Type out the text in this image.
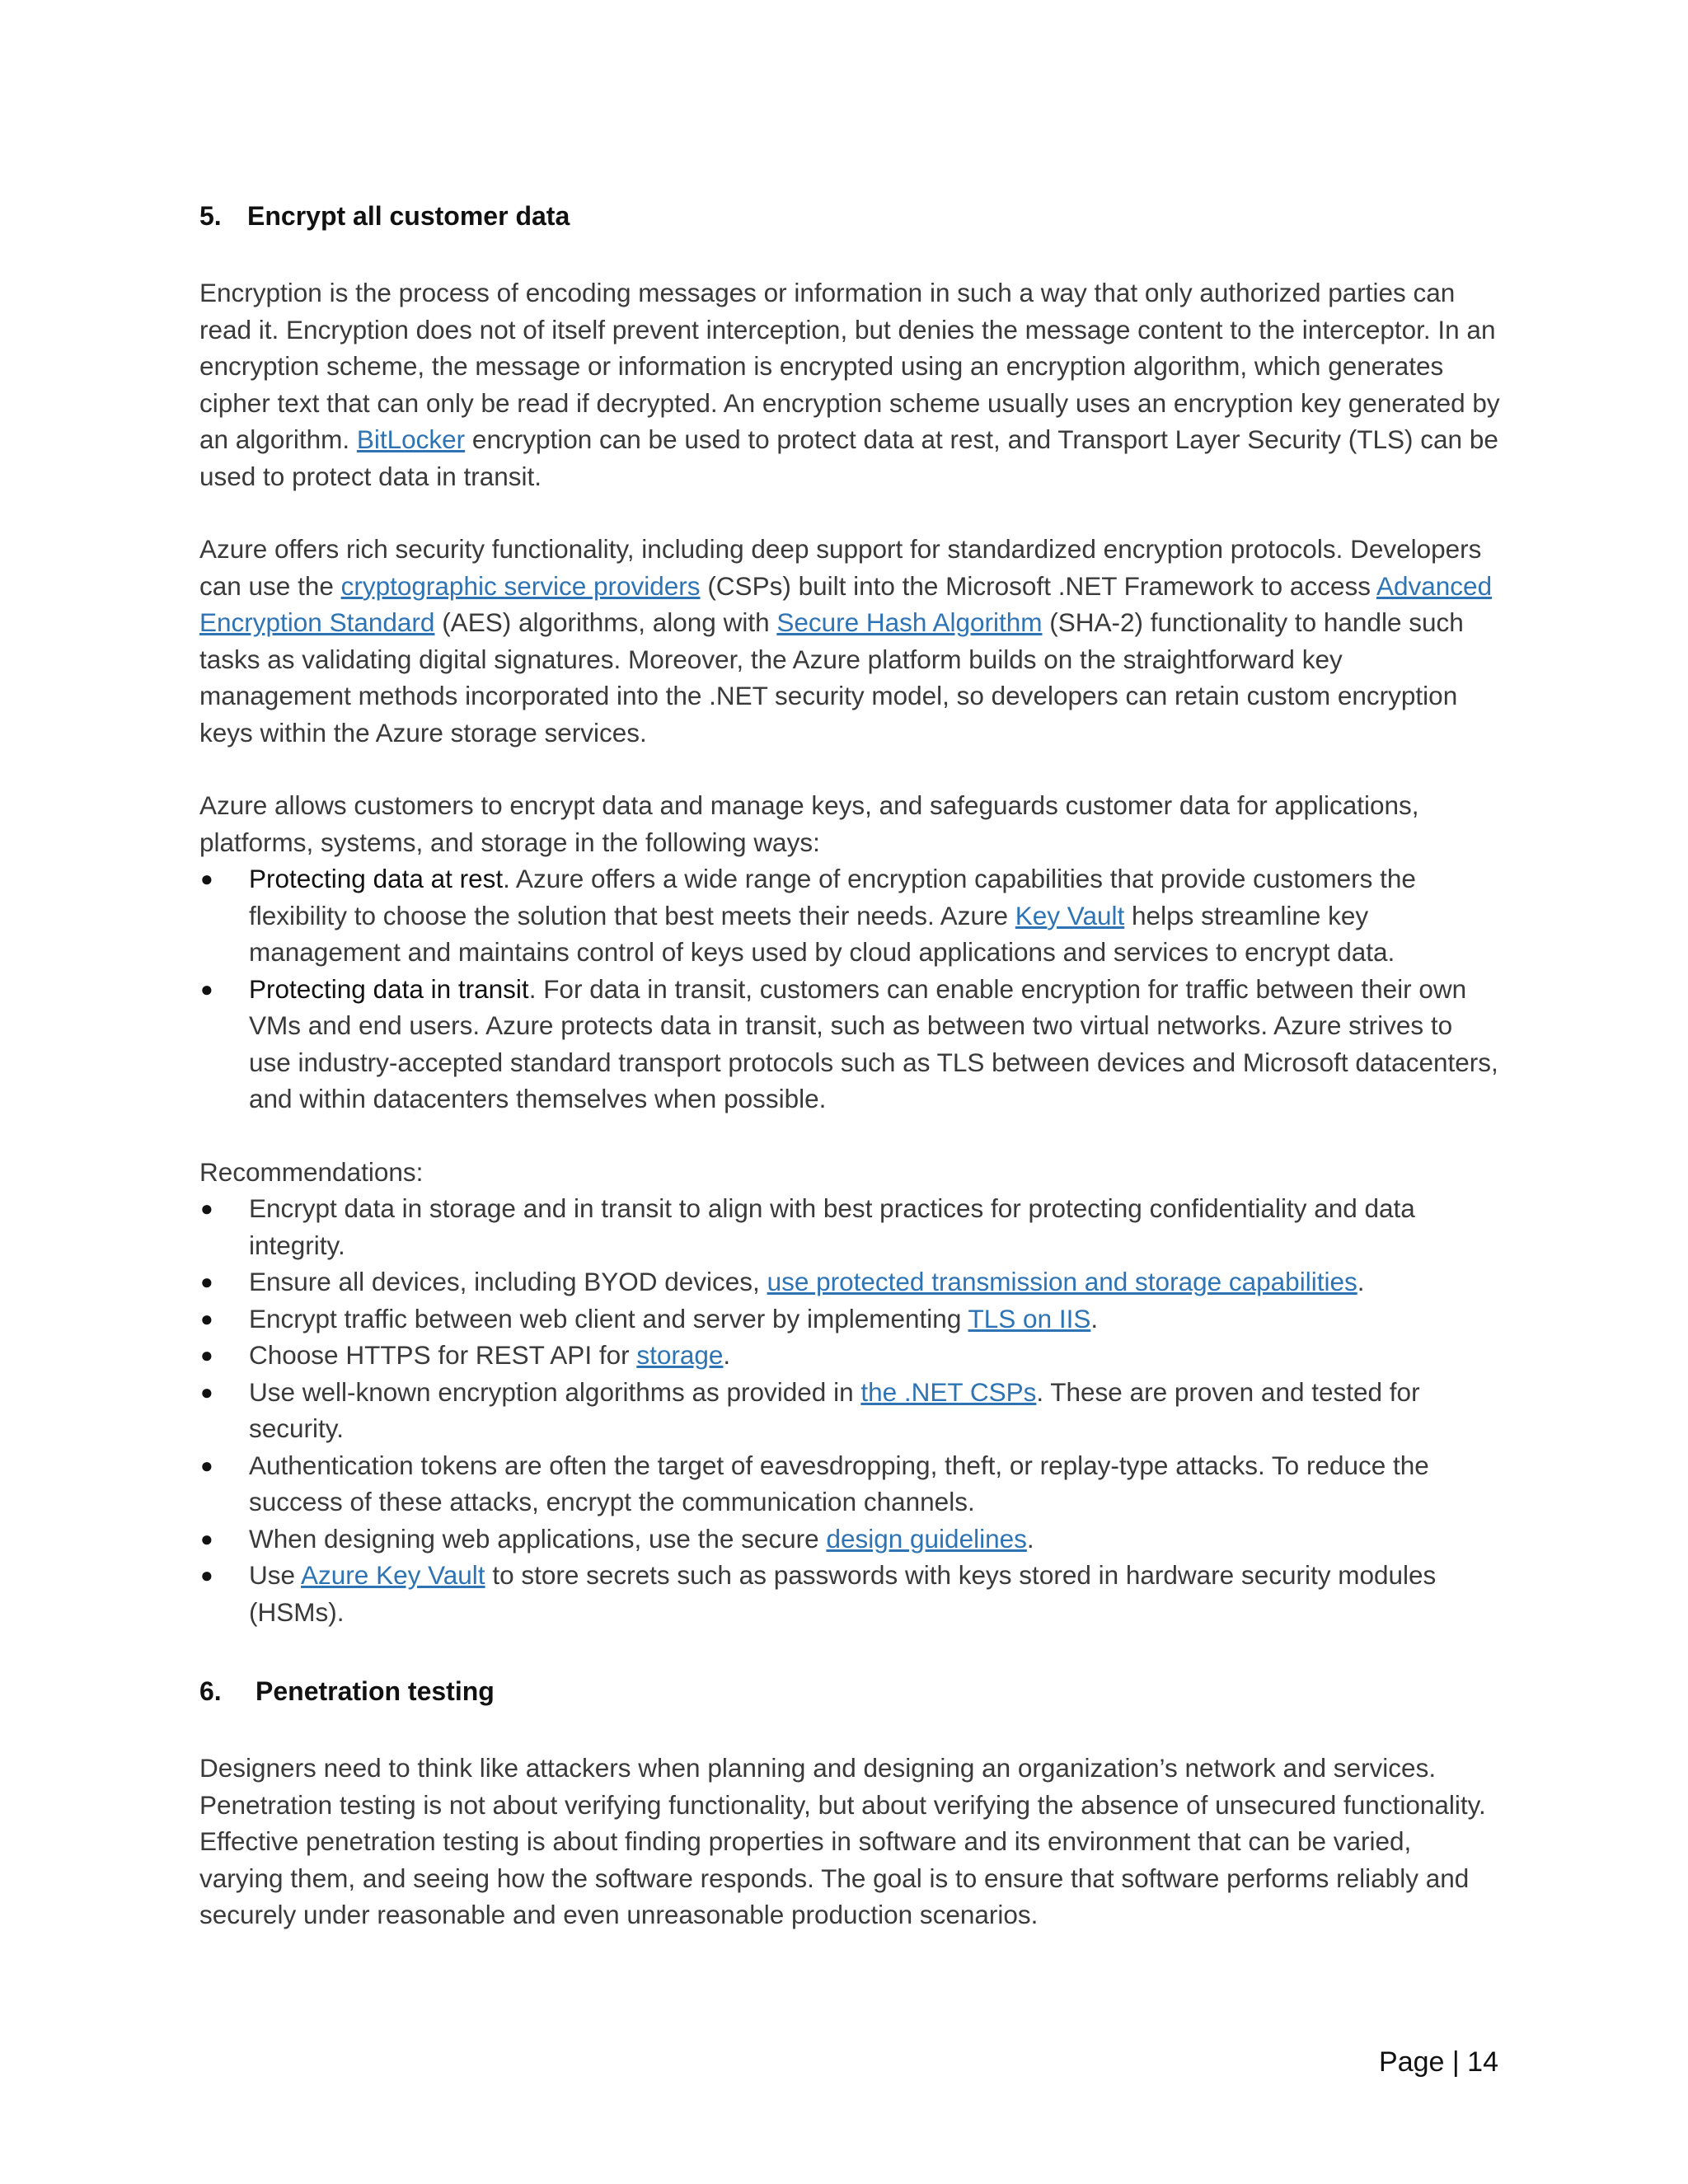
5. Encrypt all customer data

Encryption is the process of encoding messages or information in such a way that only authorized parties can read it. Encryption does not of itself prevent interception, but denies the message content to the interceptor. In an encryption scheme, the message or information is encrypted using an encryption algorithm, which generates cipher text that can only be read if decrypted. An encryption scheme usually uses an encryption key generated by an algorithm. BitLocker encryption can be used to protect data at rest, and Transport Layer Security (TLS) can be used to protect data in transit.

Azure offers rich security functionality, including deep support for standardized encryption protocols. Developers can use the cryptographic service providers (CSPs) built into the Microsoft .NET Framework to access Advanced Encryption Standard (AES) algorithms, along with Secure Hash Algorithm (SHA-2) functionality to handle such tasks as validating digital signatures. Moreover, the Azure platform builds on the straightforward key management methods incorporated into the .NET security model, so developers can retain custom encryption keys within the Azure storage services.

Azure allows customers to encrypt data and manage keys, and safeguards customer data for applications, platforms, systems, and storage in the following ways:

● Protecting data at rest. Azure offers a wide range of encryption capabilities that provide customers the flexibility to choose the solution that best meets their needs. Azure Key Vault helps streamline key management and maintains control of keys used by cloud applications and services to encrypt data.
● Protecting data in transit. For data in transit, customers can enable encryption for traffic between their own VMs and end users. Azure protects data in transit, such as between two virtual networks. Azure strives to use industry-accepted standard transport protocols such as TLS between devices and Microsoft datacenters, and within datacenters themselves when possible.

Recommendations:

● Encrypt data in storage and in transit to align with best practices for protecting confidentiality and data integrity.
● Ensure all devices, including BYOD devices, use protected transmission and storage capabilities.
● Encrypt traffic between web client and server by implementing TLS on IIS.
● Choose HTTPS for REST API for storage.
● Use well-known encryption algorithms as provided in the .NET CSPs. These are proven and tested for security.
● Authentication tokens are often the target of eavesdropping, theft, or replay-type attacks. To reduce the success of these attacks, encrypt the communication channels.
● When designing web applications, use the secure design guidelines.
● Use Azure Key Vault to store secrets such as passwords with keys stored in hardware security modules (HSMs).
6.	Penetration testing

Designers need to think like attackers when planning and designing an organization’s network and services. Penetration testing is not about verifying functionality, but about verifying the absence of unsecured functionality. Effective penetration testing is about finding properties in software and its environment that can be varied, varying them, and seeing how the software responds. The goal is to ensure that software performs reliably and securely under reasonable and even unreasonable production scenarios.

Page | 14
